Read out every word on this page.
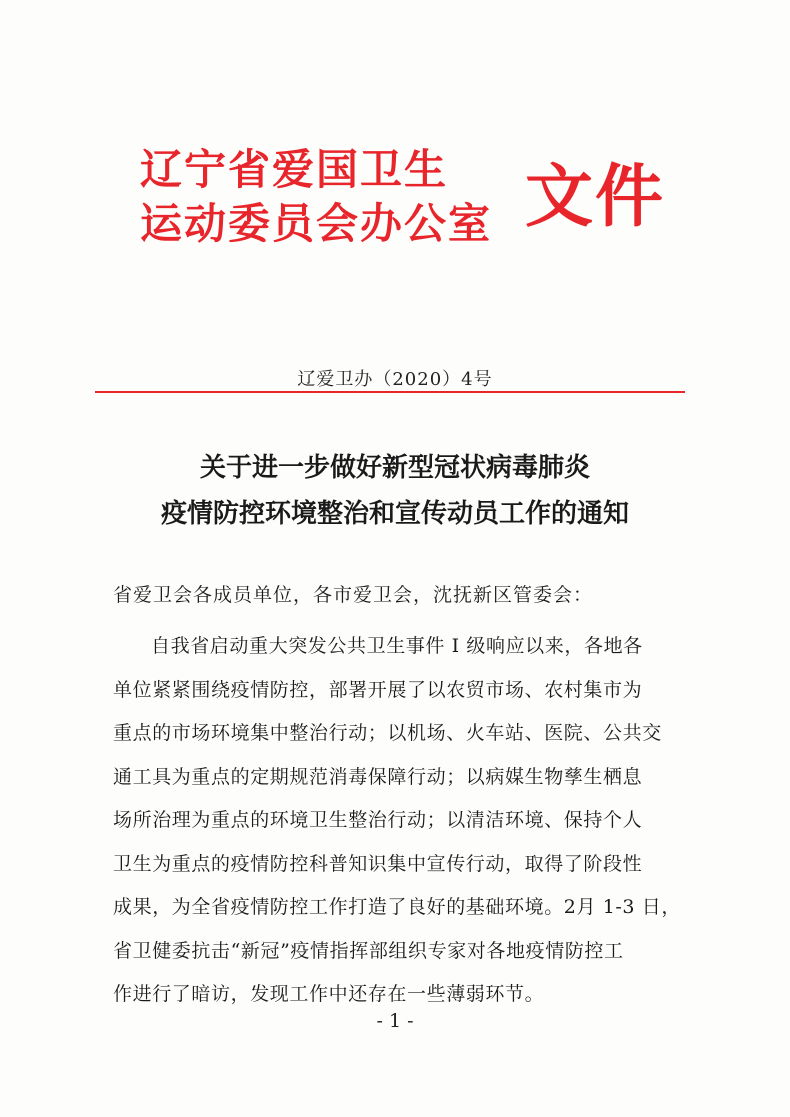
辽宁省爱国卫生
运动委员会办公室 文件
辽爱卫办（2020）4号
关于进一步做好新型冠状病毒肺炎
疫情防控环境整治和宣传动员工作的通知
省爱卫会各成员单位，各市爱卫会，沈抚新区管委会：
自我省启动重大突发公共卫生事件 I 级响应以来，各地各
单位紧紧围绕疫情防控，部署开展了以农贸市场、农村集市为
重点的市场环境集中整治行动；以机场、火车站、医院、公共交
通工具为重点的定期规范消毒保障行动；以病媒生物孳生栖息
场所治理为重点的环境卫生整治行动；以清洁环境、保持个人
卫生为重点的疫情防控科普知识集中宣传行动，取得了阶段性
成果，为全省疫情防控工作打造了良好的基础环境。2月 1-3 日，
省卫健委抗击“新冠”疫情指挥部组织专家对各地疫情防控工
作进行了暗访，发现工作中还存在一些薄弱环节。
- 1 -
